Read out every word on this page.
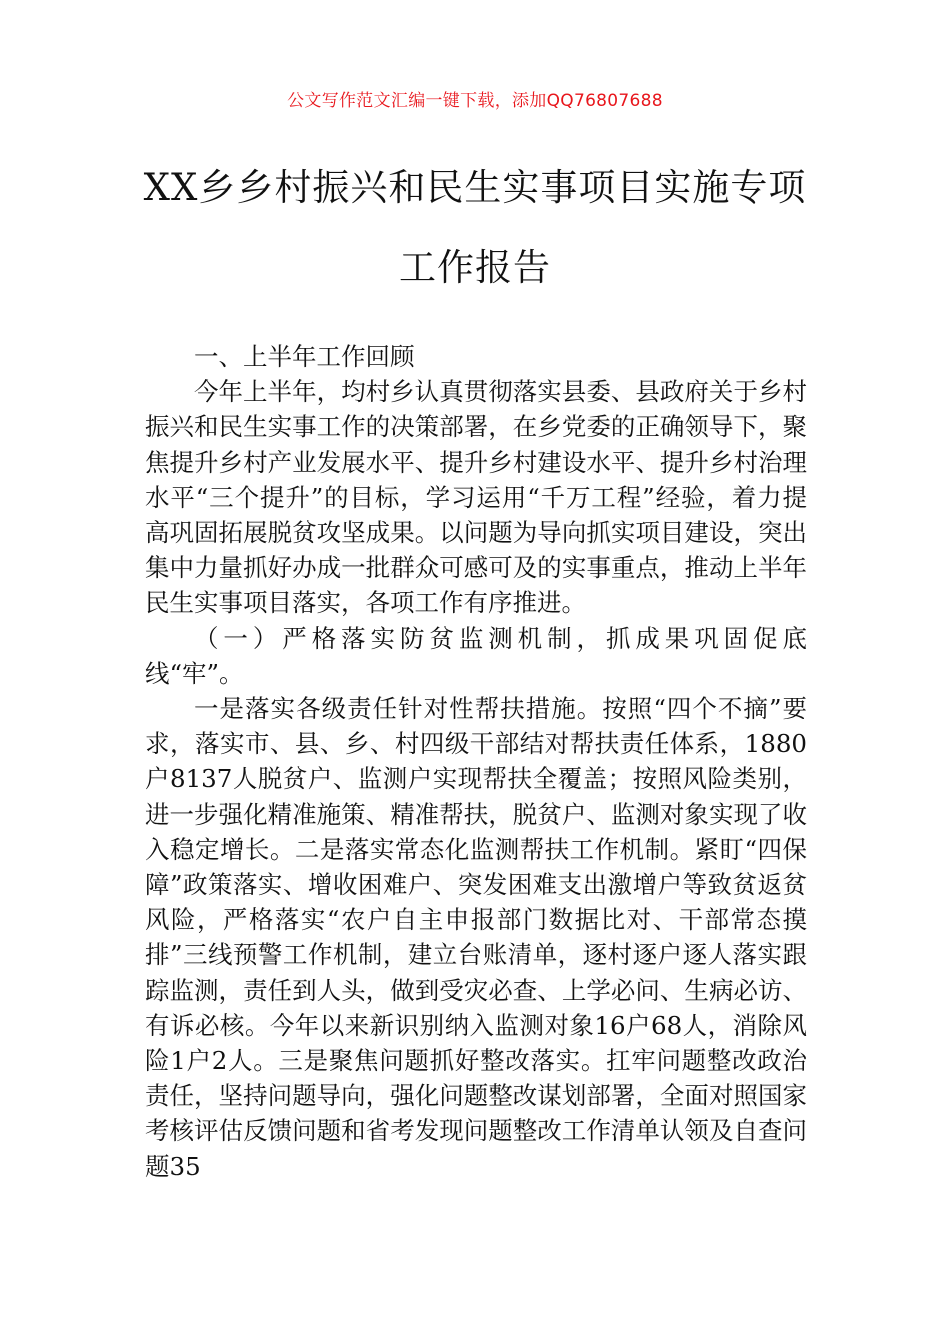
公文写作范文汇编一键下载，添加QQ76807688
XX乡乡村振兴和民生实事项目实施专项工作报告

一、上半年工作回顾

今年上半年，均村乡认真贯彻落实县委、县政府关于乡村振兴和民生实事工作的决策部署，在乡党委的正确领导下，聚焦提升乡村产业发展水平、提升乡村建设水平、提升乡村治理水平“三个提升”的目标，学习运用“千万工程”经验，着力提高巩固拓展脱贫攻坚成果。以问题为导向抓实项目建设，突出集中力量抓好办成一批群众可感可及的实事重点，推动上半年民生实事项目落实，各项工作有序推进。

（一）严格落实防贫监测机制，抓成果巩固促底线“牢”。

一是落实各级责任针对性帮扶措施。按照“四个不摘”要求，落实市、县、乡、村四级干部结对帮扶责任体系，1880户8137人脱贫户、监测户实现帮扶全覆盖；按照风险类别，进一步强化精准施策、精准帮扶，脱贫户、监测对象实现了收入稳定增长。二是落实常态化监测帮扶工作机制。紧盯“四保障”政策落实、增收困难户、突发困难支出激增户等致贫返贫风险，严格落实“农户自主申报部门数据比对、干部常态摸排”三线预警工作机制，建立台账清单，逐村逐户逐人落实跟踪监测，责任到人头，做到受灾必查、上学必问、生病必访、有诉必核。今年以来新识别纳入监测对象16户68人，消除风险1户2人。三是聚焦问题抓好整改落实。扛牢问题整改政治责任，坚持问题导向，强化问题整改谋划部署，全面对照国家考核评估反馈问题和省考发现问题整改工作清单认领及自查问题35
